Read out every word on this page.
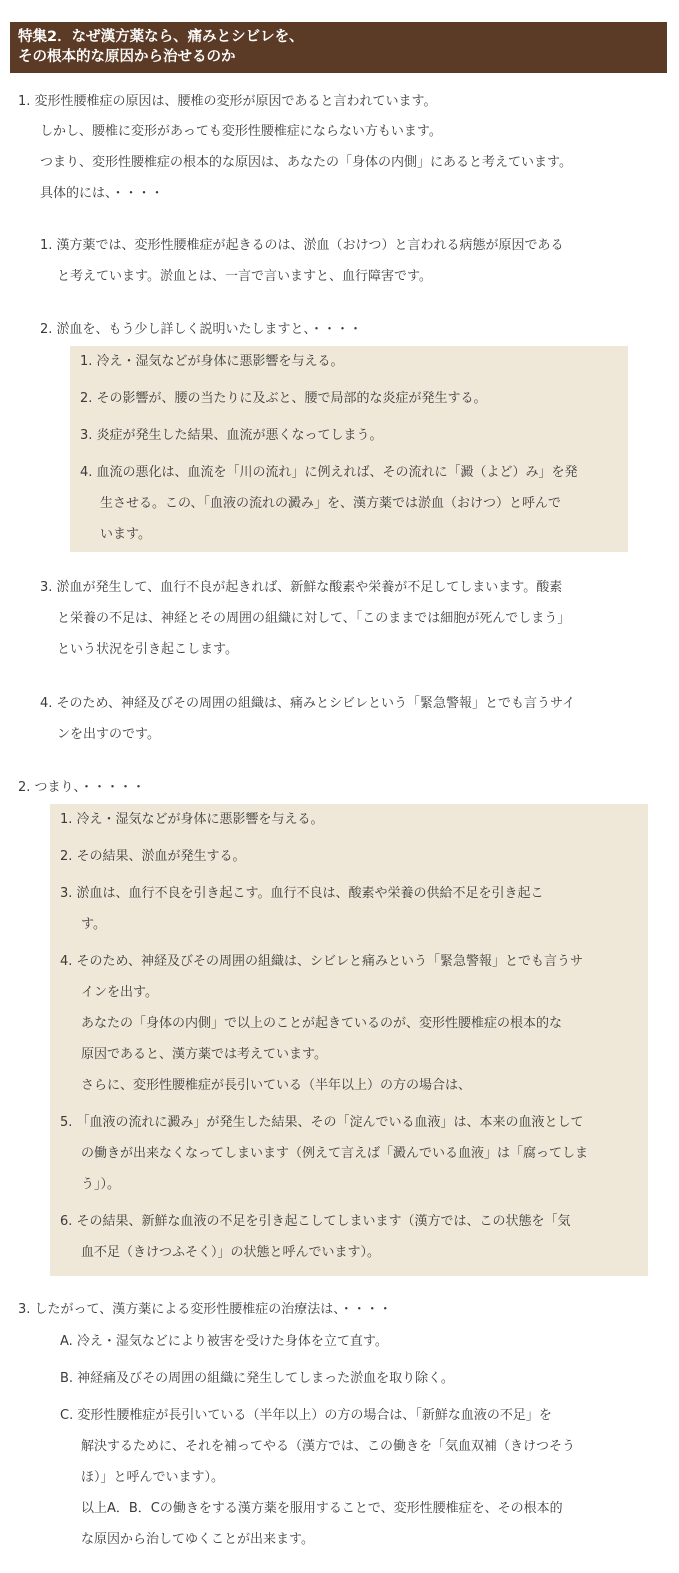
特集2．なぜ漢方薬なら、痛みとシビレを、
その根本的な原因から治せるのか
1. 変形性腰椎症の原因は、腰椎の変形が原因であると言われています。
しかし、腰椎に変形があっても変形性腰椎症にならない方もいます。
つまり、変形性腰椎症の根本的な原因は、あなたの「身体の内側」にあると考えています。
具体的には、・・・・
1. 漢方薬では、変形性腰椎症が起きるのは、淤血（おけつ）と言われる病態が原因である
と考えています。淤血とは、一言で言いますと、血行障害です。
2. 淤血を、もう少し詳しく説明いたしますと、・・・・
1. 冷え・湿気などが身体に悪影響を与える。
2. その影響が、腰の当たりに及ぶと、腰で局部的な炎症が発生する。
3. 炎症が発生した結果、血流が悪くなってしまう。
4. 血流の悪化は、血流を「川の流れ」に例えれば、その流れに「澱（よど）み」を発
生させる。この、「血液の流れの澱み」を、漢方薬では淤血（おけつ）と呼んで
います。
3. 淤血が発生して、血行不良が起きれば、新鮮な酸素や栄養が不足してしまいます。酸素
と栄養の不足は、神経とその周囲の組織に対して、「このままでは細胞が死んでしまう」
という状況を引き起こします。
4. そのため、神経及びその周囲の組織は、痛みとシビレという「緊急警報」とでも言うサイ
ンを出すのです。
2. つまり、・・・・・
1. 冷え・湿気などが身体に悪影響を与える。
2. その結果、淤血が発生する。
3. 淤血は、血行不良を引き起こす。血行不良は、酸素や栄養の供給不足を引き起こ
す。
4. そのため、神経及びその周囲の組織は、シビレと痛みという「緊急警報」とでも言うサ
インを出す。
あなたの「身体の内側」で以上のことが起きているのが、変形性腰椎症の根本的な
原因であると、漢方薬では考えています。
さらに、変形性腰椎症が長引いている（半年以上）の方の場合は、
5. 「血液の流れに澱み」が発生した結果、その「淀んでいる血液」は、本来の血液として
の働きが出来なくなってしまいます（例えて言えば「澱んでいる血液」は「腐ってしま
う」）。
6. その結果、新鮮な血液の不足を引き起こしてしまいます（漢方では、この状態を「気
血不足（きけつふそく）」の状態と呼んでいます）。
3. したがって、漢方薬による変形性腰椎症の治療法は、・・・・
A. 冷え・湿気などにより被害を受けた身体を立て直す。
B. 神経痛及びその周囲の組織に発生してしまった淤血を取り除く。
C. 変形性腰椎症が長引いている（半年以上）の方の場合は、「新鮮な血液の不足」を
解決するために、それを補ってやる（漢方では、この働きを「気血双補（きけつそう
ほ）」と呼んでいます）。
以上A．B．Cの働きをする漢方薬を服用することで、変形性腰椎症を、その根本的
な原因から治してゆくことが出来ます。
